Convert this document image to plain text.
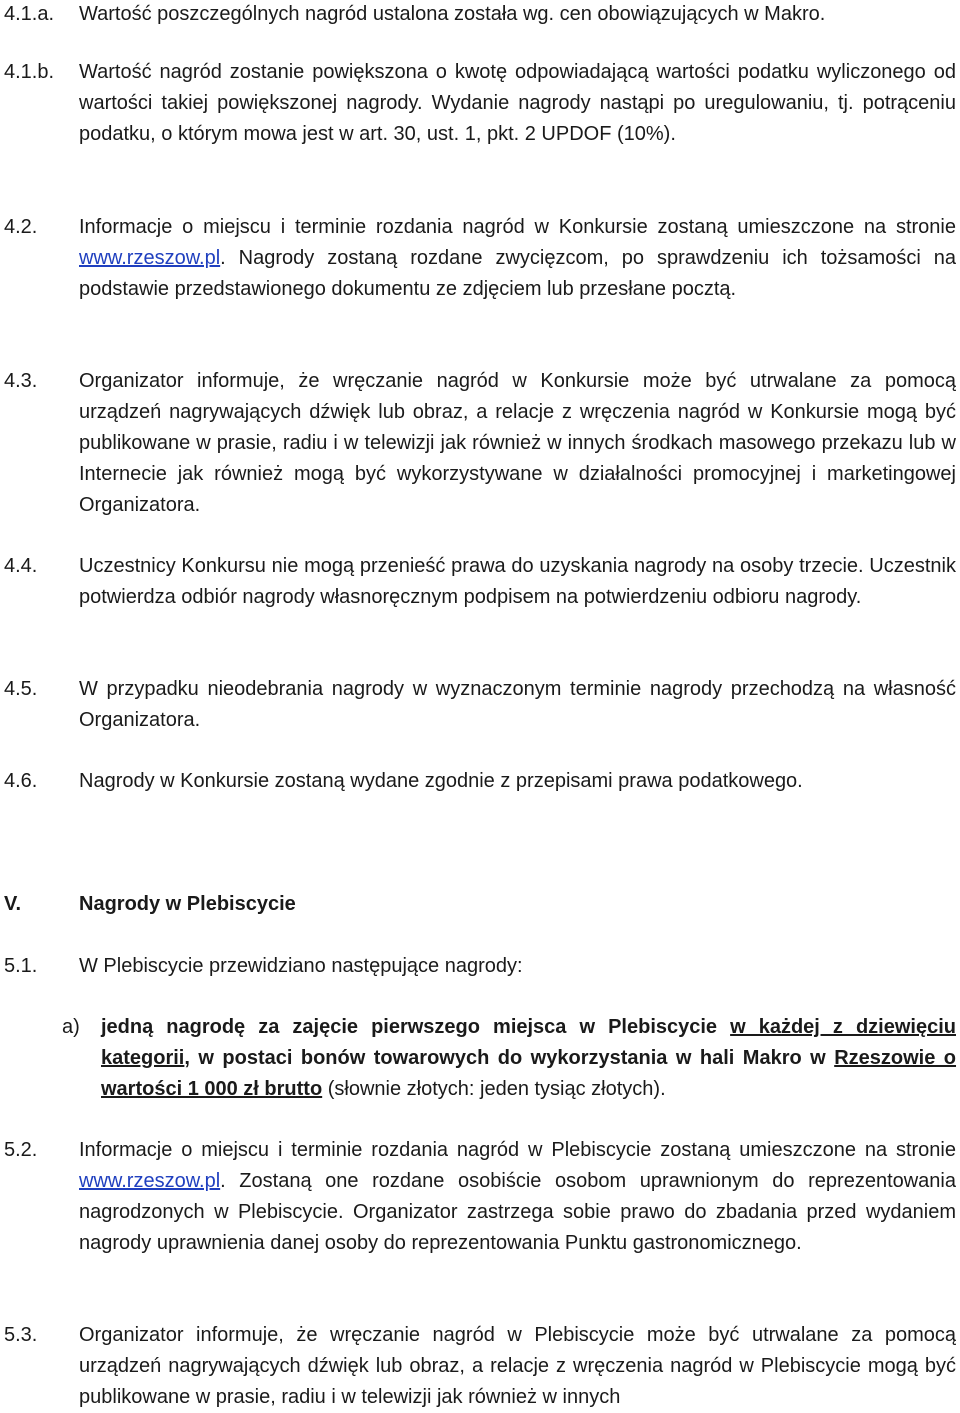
4.1.a. Wartość poszczególnych nagród ustalona została wg. cen obowiązujących w Makro.
4.1.b. Wartość nagród zostanie powiększona o kwotę odpowiadającą wartości podatku wyliczonego od wartości takiej powiększonej nagrody. Wydanie nagrody nastąpi po uregulowaniu, tj. potrąceniu podatku, o którym mowa jest w art. 30, ust. 1, pkt. 2 UPDOF (10%).
4.2. Informacje o miejscu i terminie rozdania nagród w Konkursie zostaną umieszczone na stronie www.rzeszow.pl. Nagrody zostaną rozdane zwycięzcom, po sprawdzeniu ich tożsamości na podstawie przedstawionego dokumentu ze zdjęciem lub przesłane pocztą.
4.3. Organizator informuje, że wręczanie nagród w Konkursie może być utrwalane za pomocą urządzeń nagrywających dźwięk lub obraz, a relacje z wręczenia nagród w Konkursie mogą być publikowane w prasie, radiu i w telewizji jak również w innych środkach masowego przekazu lub w Internecie jak również mogą być wykorzystywane w działalności promocyjnej i marketingowej Organizatora.
4.4. Uczestnicy Konkursu nie mogą przenieść prawa do uzyskania nagrody na osoby trzecie. Uczestnik potwierdza odbiór nagrody własnoręcznym podpisem na potwierdzeniu odbioru nagrody.
4.5. W przypadku nieodebrania nagrody w wyznaczonym terminie nagrody przechodzą na własność Organizatora.
4.6. Nagrody w Konkursie zostaną wydane zgodnie z przepisami prawa podatkowego.
V.	Nagrody w Plebiscycie
5.1. W Plebiscycie przewidziano następujące nagrody:
a) jedną nagrodę za zajęcie pierwszego miejsca w Plebiscycie w każdej z dziewięciu kategorii, w postaci bonów towarowych do wykorzystania w hali Makro w Rzeszowie o wartości 1 000 zł brutto (słownie złotych: jeden tysiąc złotych).
5.2. Informacje o miejscu i terminie rozdania nagród w Plebiscycie zostaną umieszczone na stronie www.rzeszow.pl. Zostaną one rozdane osobiście osobom uprawnionym do reprezentowania nagrodzonych w Plebiscycie. Organizator zastrzega sobie prawo do zbadania przed wydaniem nagrody uprawnienia danej osoby do reprezentowania Punktu gastronomicznego.
5.3. Organizator informuje, że wręczanie nagród w Plebiscycie może być utrwalane za pomocą urządzeń nagrywających dźwięk lub obraz, a relacje z wręczenia nagród w Plebiscycie mogą być publikowane w prasie, radiu i w telewizji jak również w innych
